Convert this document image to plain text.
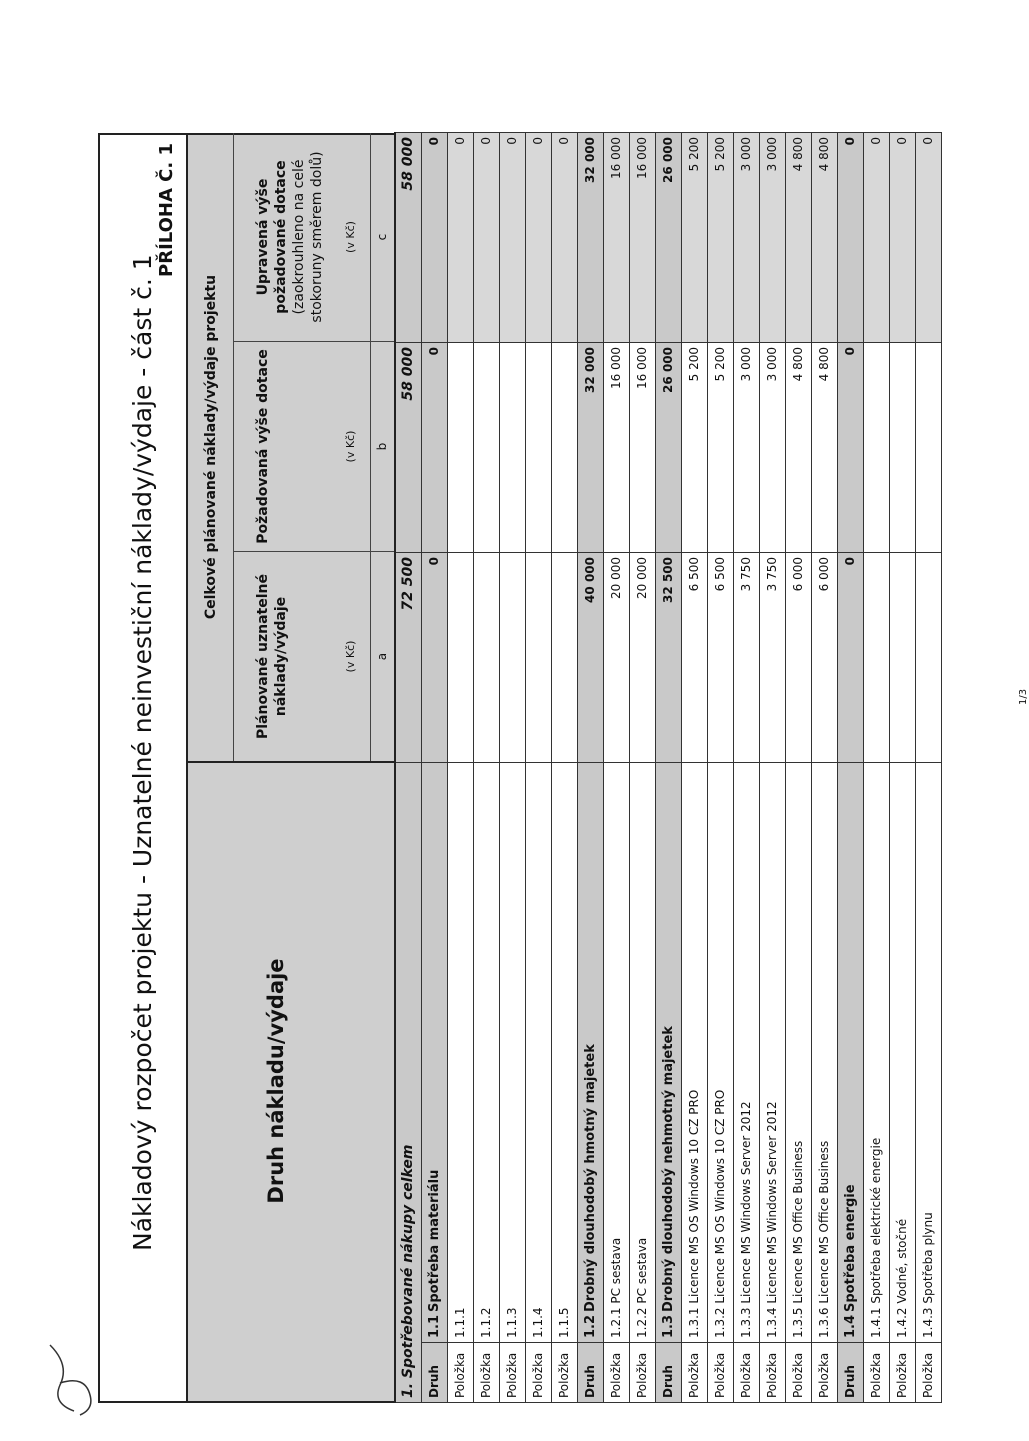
Nákladový rozpočet projektu - Uznatelné neinvestiční náklady/výdaje - část č. 1
PŘÍLOHA Č. 1
Druh nákladu/výdaje
Celkové plánované náklady/výdaje projektu
Plánované uznatelné náklady/výdaje	(v Kč)	a
Požadovaná výše dotace	(v Kč)	b
Upravená výše požadované dotace (zaokrouhleno na celé stokoruny směrem dolů) (v Kč)	c
1. Spotřebované nákupy celkem		72 500	58 000	58 000
Druh	1.1Spotřeba materiálu	0	0	0
Položka	1.1.1			0
Položka	1.1.2			0
Položka	1.1.3			0
Položka	1.1.4			0
Položka	1.1.5			0
Druh	1.2Drobný dlouhodobý hmotný majetek	40 000	32 000	32 000
Položka	1.2.1 PC sestava	20 000	16 000	16 000
Položka	1.2.2 PC sestava	20 000	16 000	16 000
Druh	1.3Drobný dlouhodobý nehmotný majetek	32 500	26 000	26 000
Položka	1.3.1 Licence MS OS Windows 10 CZ PRO	6 500	5 200	5 200
Položka	1.3.2 Licence MS OS Windows 10 CZ PRO	6 500	5 200	5 200
Položka	1.3.3 Licence MS Windows Server 2012	3 750	3 000	3 000
Položka	1.3.4 Licence MS Windows Server 2012	3 750	3 000	3 000
Položka	1.3.5 Licence MS Office Business	6 000	4 800	4 800
Položka	1.3.6 Licence MS Office Business	6 000	4 800	4 800
Druh	1.4Spotřeba energie	0	0	0
Položka	1.4.1 Spotřeba elektrické energie			0
Položka	1.4.2 Vodné, stočné			0
Položka	1.4.3 Spotřeba plynu			0
1/3
